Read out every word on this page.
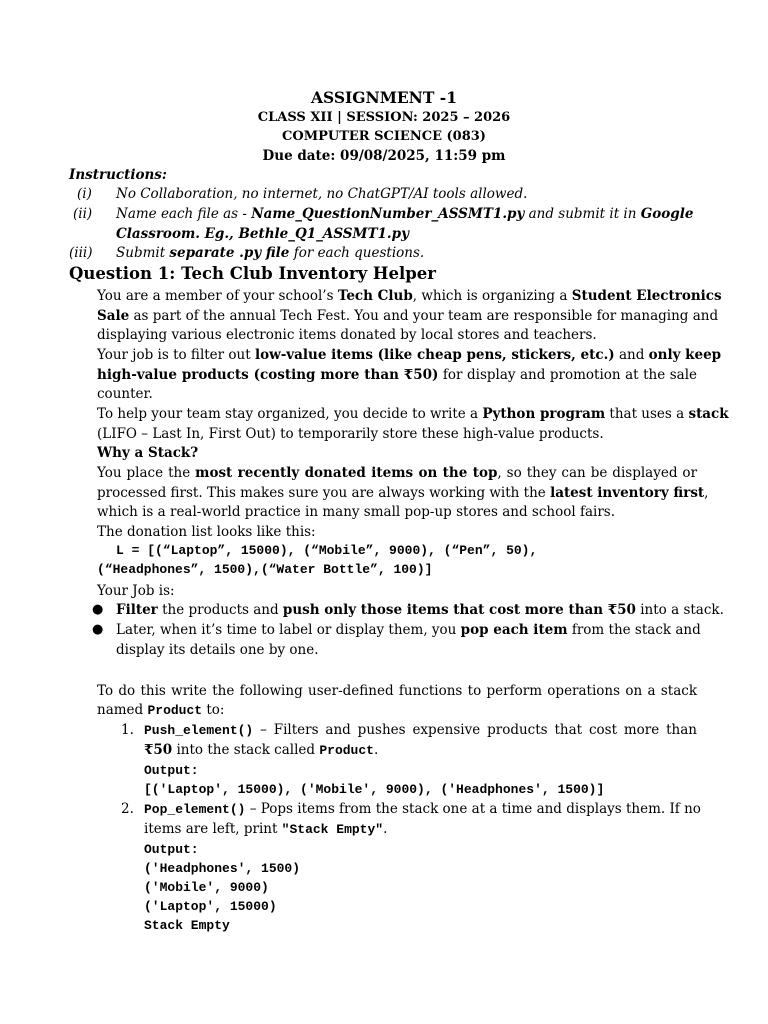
ASSIGNMENT -1
CLASS XII | SESSION: 2025 – 2026
COMPUTER SCIENCE (083)
Due date: 09/08/2025, 11:59 pm
Instructions:
(i) No Collaboration, no internet, no ChatGPT/AI tools allowed.
(ii) Name each file as - Name_QuestionNumber_ASSMT1.py and submit it in Google
Classroom. Eg., Bethle_Q1_ASSMT1.py
(iii) Submit separate .py file for each questions.
Question 1: Tech Club Inventory Helper
You are a member of your school’s Tech Club, which is organizing a Student Electronics
Sale as part of the annual Tech Fest. You and your team are responsible for managing and
displaying various electronic items donated by local stores and teachers.
Your job is to filter out low-value items (like cheap pens, stickers, etc.) and only keep
high-value products (costing more than ₹50) for display and promotion at the sale
counter.
To help your team stay organized, you decide to write a Python program that uses a stack
(LIFO – Last In, First Out) to temporarily store these high-value products.
Why a Stack?
You place the most recently donated items on the top, so they can be displayed or
processed first. This makes sure you are always working with the latest inventory first,
which is a real-world practice in many small pop-up stores and school fairs.
The donation list looks like this:
L = [(“Laptop”, 15000), (“Mobile”, 9000), (“Pen”, 50),
(“Headphones”, 1500),(“Water Bottle”, 100)]
Your Job is:
● Filter the products and push only those items that cost more than ₹50 into a stack.
● Later, when it’s time to label or display them, you pop each item from the stack and
display its details one by one.
To do this write the following user-defined functions to perform operations on a stack
named Product to:
1. Push_element() – Filters and pushes expensive products that cost more than
₹50 into the stack called Product.
Output:
[('Laptop', 15000), ('Mobile', 9000), ('Headphones', 1500)]
2. Pop_element() – Pops items from the stack one at a time and displays them. If no
items are left, print "Stack Empty".
Output:
('Headphones', 1500)
('Mobile', 9000)
('Laptop', 15000)
Stack Empty
